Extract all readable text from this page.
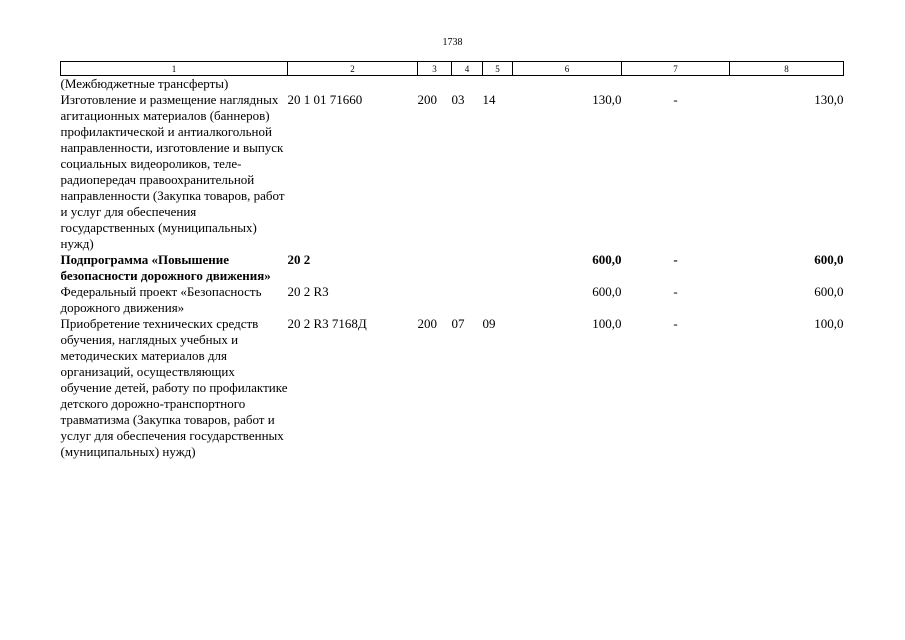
1738
1	2	3	4	5	6	7	8
(Межбюджетные трансферты)							
Изготовление и размещение наглядных агитационных материалов (баннеров) профилактической и антиалкогольной направленности, изготовление и выпуск социальных видеороликов, теле-радиопередач правоохранительной направленности (Закупка товаров, работ и услуг для обеспечения государственных (муниципальных) нужд)	20 1 01 71660	200	03	14	130,0	-	130,0
Подпрограмма «Повышение безопасности дорожного движения»	20 2				600,0	-	600,0
Федеральный проект «Безопасность дорожного движения»	20 2 R3				600,0	-	600,0
Приобретение технических средств обучения, наглядных учебных и методических материалов для организаций, осуществляющих обучение детей, работу по профилактике детского дорожно-транспортного травматизма (Закупка товаров, работ и услуг для обеспечения государственных (муниципальных) нужд)	20 2 R3 7168Д	200	07	09	100,0	-	100,0
